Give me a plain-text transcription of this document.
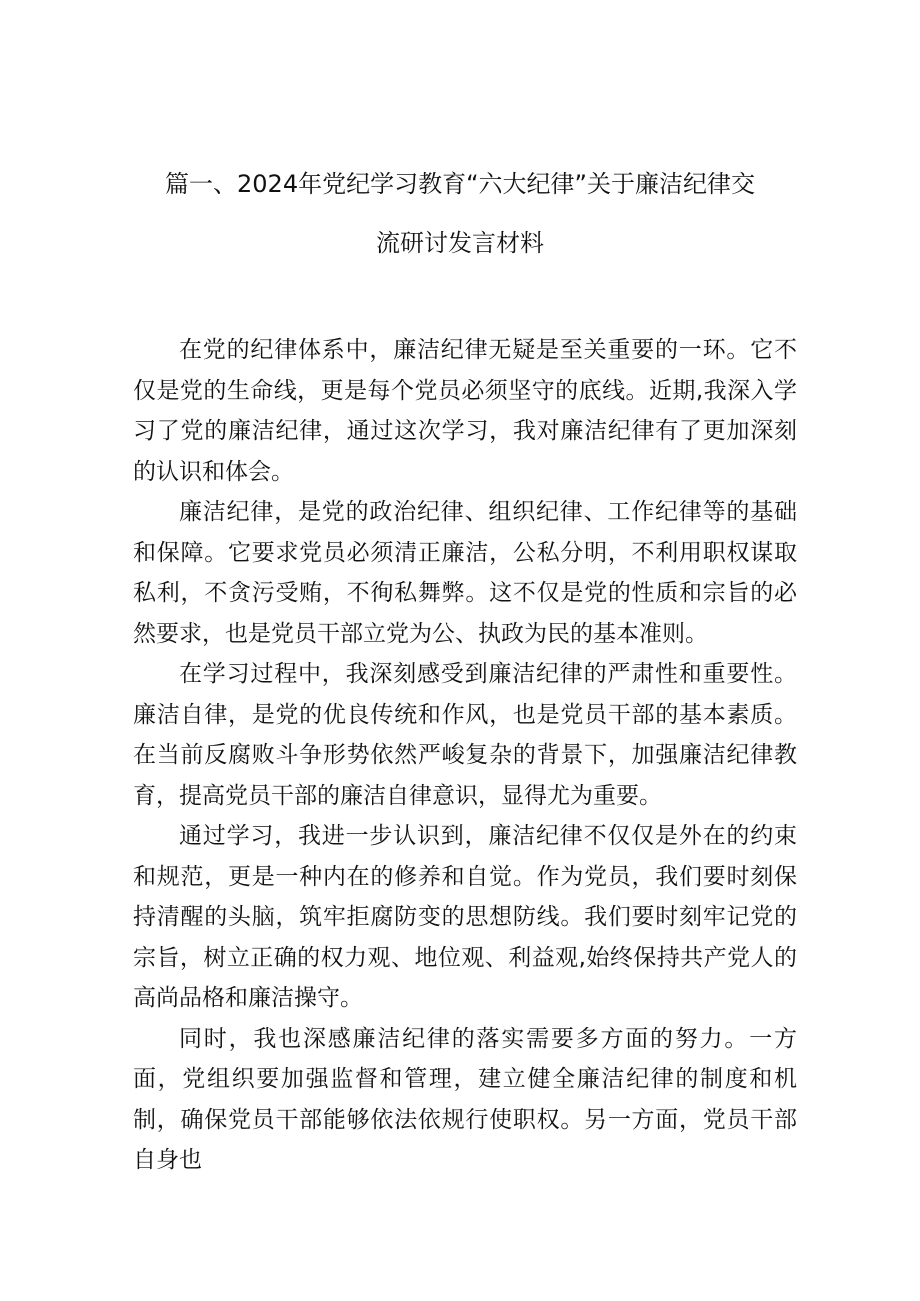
篇一、2024年党纪学习教育“六大纪律”关于廉洁纪律交
流研讨发言材料

在党的纪律体系中，廉洁纪律无疑是至关重要的一环。它不仅是党的生命线，更是每个党员必须坚守的底线。近期,我深入学习了党的廉洁纪律，通过这次学习，我对廉洁纪律有了更加深刻的认识和体会。

廉洁纪律，是党的政治纪律、组织纪律、工作纪律等的基础和保障。它要求党员必须清正廉洁，公私分明，不利用职权谋取私利，不贪污受贿，不徇私舞弊。这不仅是党的性质和宗旨的必然要求，也是党员干部立党为公、执政为民的基本准则。

在学习过程中，我深刻感受到廉洁纪律的严肃性和重要性。廉洁自律，是党的优良传统和作风，也是党员干部的基本素质。在当前反腐败斗争形势依然严峻复杂的背景下，加强廉洁纪律教育，提高党员干部的廉洁自律意识，显得尤为重要。

通过学习，我进一步认识到，廉洁纪律不仅仅是外在的约束和规范，更是一种内在的修养和自觉。作为党员，我们要时刻保持清醒的头脑，筑牢拒腐防变的思想防线。我们要时刻牢记党的宗旨，树立正确的权力观、地位观、利益观,始终保持共产党人的高尚品格和廉洁操守。

同时，我也深感廉洁纪律的落实需要多方面的努力。一方面，党组织要加强监督和管理，建立健全廉洁纪律的制度和机制，确保党员干部能够依法依规行使职权。另一方面，党员干部自身也
